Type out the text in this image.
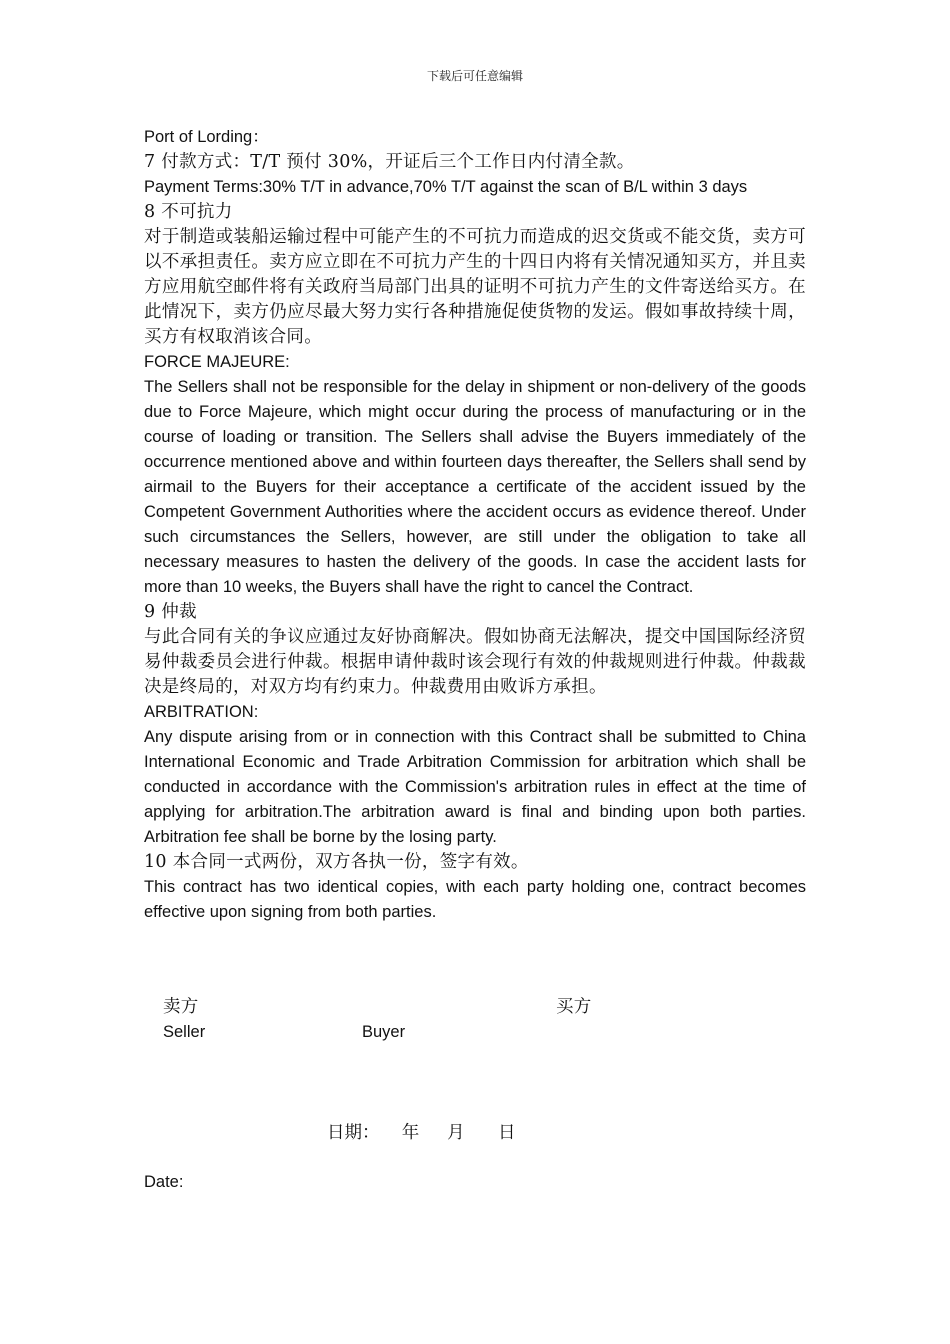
下载后可任意编辑

Port of Lording：

7 付款方式：T/T 预付 30%，开证后三个工作日内付清全款。

Payment Terms:30% T/T in advance,70% T/T against the scan of B/L within 3 days

8 不可抗力

对于制造或装船运输过程中可能产生的不可抗力而造成的迟交货或不能交货，卖方可以不承担责任。卖方应立即在不可抗力产生的十四日内将有关情况通知买方，并且卖方应用航空邮件将有关政府当局部门出具的证明不可抗力产生的文件寄送给买方。在此情况下，卖方仍应尽最大努力实行各种措施促使货物的发运。假如事故持续十周，买方有权取消该合同。

FORCE MAJEURE:

The Sellers shall not be responsible for the delay in shipment or non-delivery of the goods due to Force Majeure, which might occur during the process of manufacturing or in the course of loading or transition. The Sellers shall advise the Buyers immediately of the occurrence mentioned above and within fourteen days thereafter, the Sellers shall send by airmail to the Buyers for their acceptance a certificate of the accident issued by the Competent Government Authorities where the accident occurs as evidence thereof. Under such circumstances the Sellers, however, are still under the obligation to take all necessary measures to hasten the delivery of the goods. In case the accident lasts for more than 10 weeks, the Buyers shall have the right to cancel the Contract.

9 仲裁

与此合同有关的争议应通过友好协商解决。假如协商无法解决，提交中国国际经济贸易仲裁委员会进行仲裁。根据申请仲裁时该会现行有效的仲裁规则进行仲裁。仲裁裁决是终局的，对双方均有约束力。仲裁费用由败诉方承担。

ARBITRATION:

Any dispute arising from or in connection with this Contract shall be submitted to China International Economic and Trade Arbitration Commission for arbitration which shall be conducted in accordance with the Commission's arbitration rules in effect at the time of applying for arbitration.The arbitration award is final and binding upon both parties. Arbitration fee shall be borne by the losing party.

10 本合同一式两份，双方各执一份，签字有效。

This contract has two identical copies, with each party holding one, contract becomes effective upon signing from both parties.

卖方	买方
Seller	Buyer
日期：    年     月      日
Date:
